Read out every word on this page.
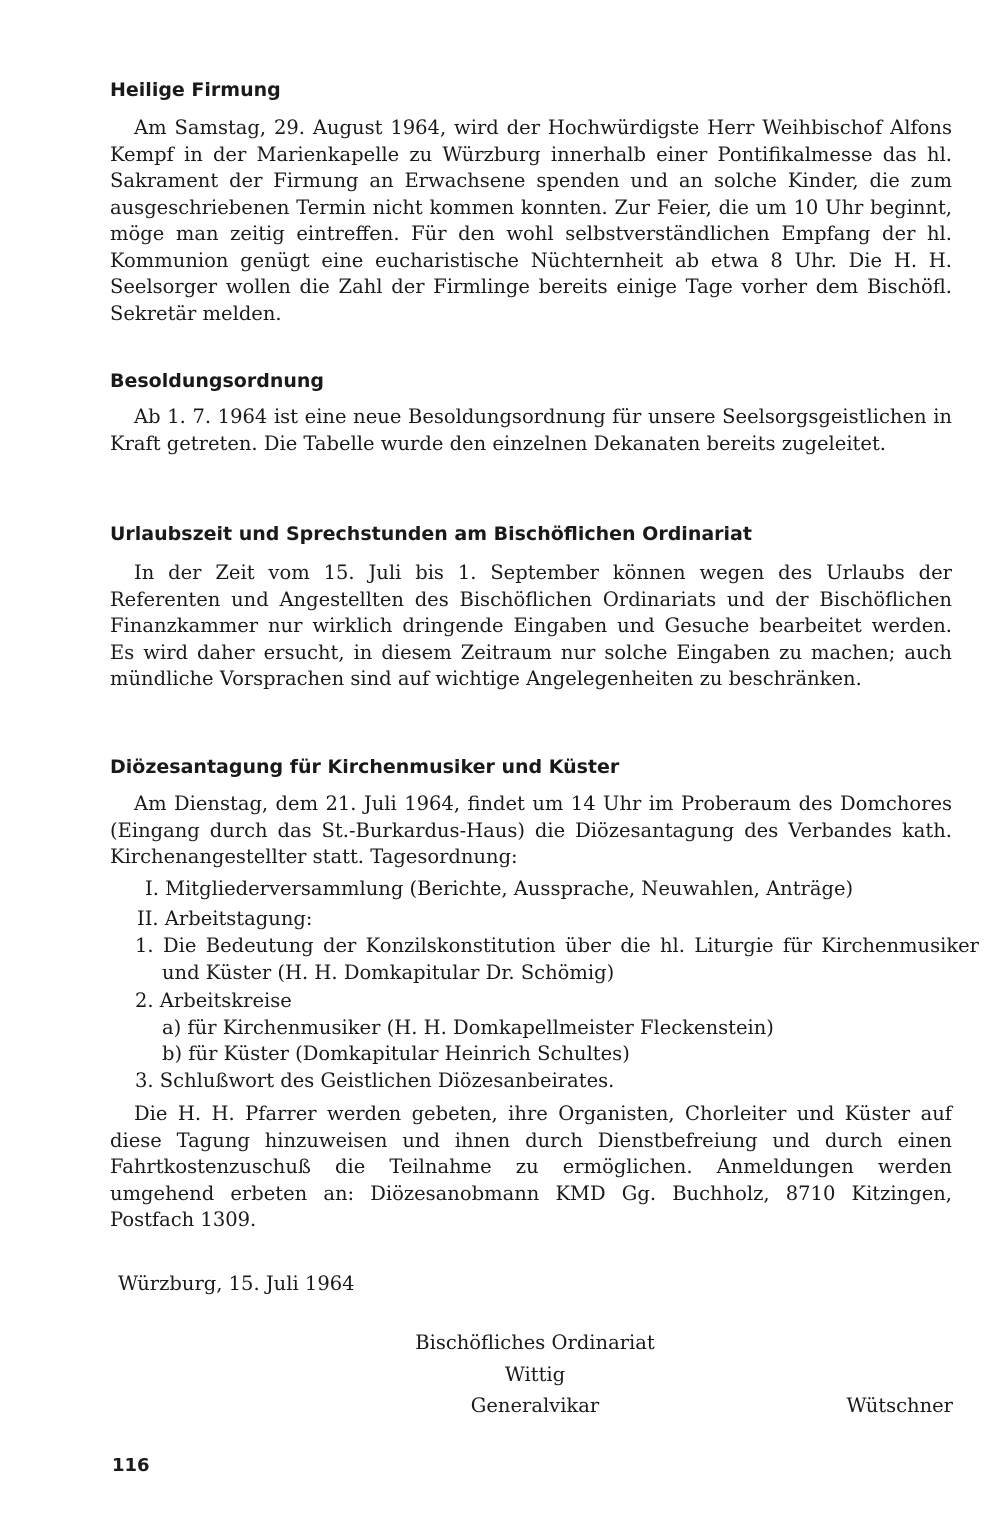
Heilige Firmung
Am Samstag, 29. August 1964, wird der Hochwürdigste Herr Weihbischof Alfons Kempf in der Marienkapelle zu Würzburg innerhalb einer Pontifikalmesse das hl. Sakrament der Firmung an Erwachsene spenden und an solche Kinder, die zum ausgeschriebenen Termin nicht kommen konnten. Zur Feier, die um 10 Uhr beginnt, möge man zeitig eintreffen. Für den wohl selbstverständlichen Empfang der hl. Kommunion genügt eine eucharistische Nüchternheit ab etwa 8 Uhr. Die H. H. Seelsorger wollen die Zahl der Firmlinge bereits einige Tage vorher dem Bischöfl. Sekretär melden.
Besoldungsordnung
Ab 1. 7. 1964 ist eine neue Besoldungsordnung für unsere Seelsorgsgeistlichen in Kraft getreten. Die Tabelle wurde den einzelnen Dekanaten bereits zugeleitet.
Urlaubszeit und Sprechstunden am Bischöflichen Ordinariat
In der Zeit vom 15. Juli bis 1. September können wegen des Urlaubs der Referenten und Angestellten des Bischöflichen Ordinariats und der Bischöflichen Finanzkammer nur wirklich dringende Eingaben und Gesuche bearbeitet werden. Es wird daher ersucht, in diesem Zeitraum nur solche Eingaben zu machen; auch mündliche Vorsprachen sind auf wichtige Angelegenheiten zu beschränken.
Diözesantagung für Kirchenmusiker und Küster
Am Dienstag, dem 21. Juli 1964, findet um 14 Uhr im Proberaum des Domchores (Eingang durch das St.-Burkardus-Haus) die Diözesantagung des Verbandes kath. Kirchenangestellter statt. Tagesordnung:
I. Mitgliederversammlung (Berichte, Aussprache, Neuwahlen, Anträge)
II. Arbeitstagung:
1. Die Bedeutung der Konzilskonstitution über die hl. Liturgie für Kirchenmusiker und Küster (H. H. Domkapitular Dr. Schömig)
2. Arbeitskreise
a) für Kirchenmusiker (H. H. Domkapellmeister Fleckenstein)
b) für Küster (Domkapitular Heinrich Schultes)
3. Schlußwort des Geistlichen Diözesanbeirates.
Die H. H. Pfarrer werden gebeten, ihre Organisten, Chorleiter und Küster auf diese Tagung hinzuweisen und ihnen durch Dienstbefreiung und durch einen Fahrtkostenzuschuß die Teilnahme zu ermöglichen. Anmeldungen werden umgehend erbeten an: Diözesanobmann KMD Gg. Buchholz, 8710 Kitzingen, Postfach 1309.
Würzburg, 15. Juli 1964
Bischöfliches Ordinariat
Wittig
Generalvikar	Wütschner
116
